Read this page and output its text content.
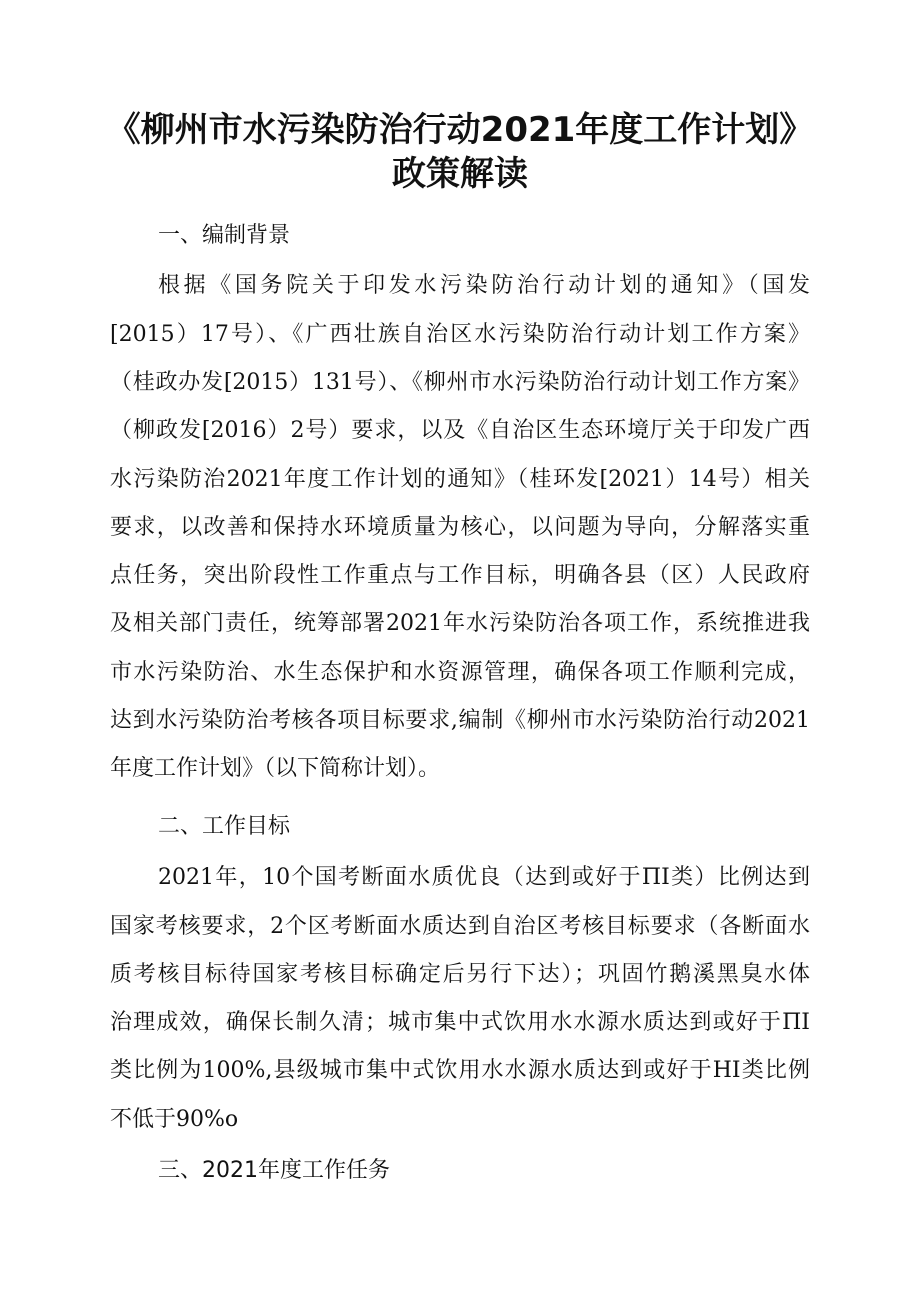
《柳州市水污染防治行动2021年度工作计划》
政策解读
一、编制背景
根据《国务院关于印发水污染防治行动计划的通知》（国发
[2015）17号）、《广西壮族自治区水污染防治行动计划工作方案》
（桂政办发[2015）131号）、《柳州市水污染防治行动计划工作方案》
（柳政发[2016）2号）要求，以及《自治区生态环境厅关于印发广西
水污染防治2021年度工作计划的通知》（桂环发[2021）14号）相关
要求，以改善和保持水环境质量为核心，以问题为导向，分解落实重
点任务，突出阶段性工作重点与工作目标，明确各县（区）人民政府
及相关部门责任，统筹部署2021年水污染防治各项工作，系统推进我
市水污染防治、水生态保护和水资源管理，确保各项工作顺利完成，
达到水污染防治考核各项目标要求,编制《柳州市水污染防治行动2021
年度工作计划》（以下简称计划）。
二、工作目标
2021年，10个国考断面水质优良（达到或好于ΠI类）比例达到
国家考核要求，2个区考断面水质达到自治区考核目标要求（各断面水
质考核目标待国家考核目标确定后另行下达）；巩固竹鹅溪黑臭水体
治理成效，确保长制久清；城市集中式饮用水水源水质达到或好于ΠI
类比例为100%,县级城市集中式饮用水水源水质达到或好于HI类比例
不低于90%o
三、2021年度工作任务
